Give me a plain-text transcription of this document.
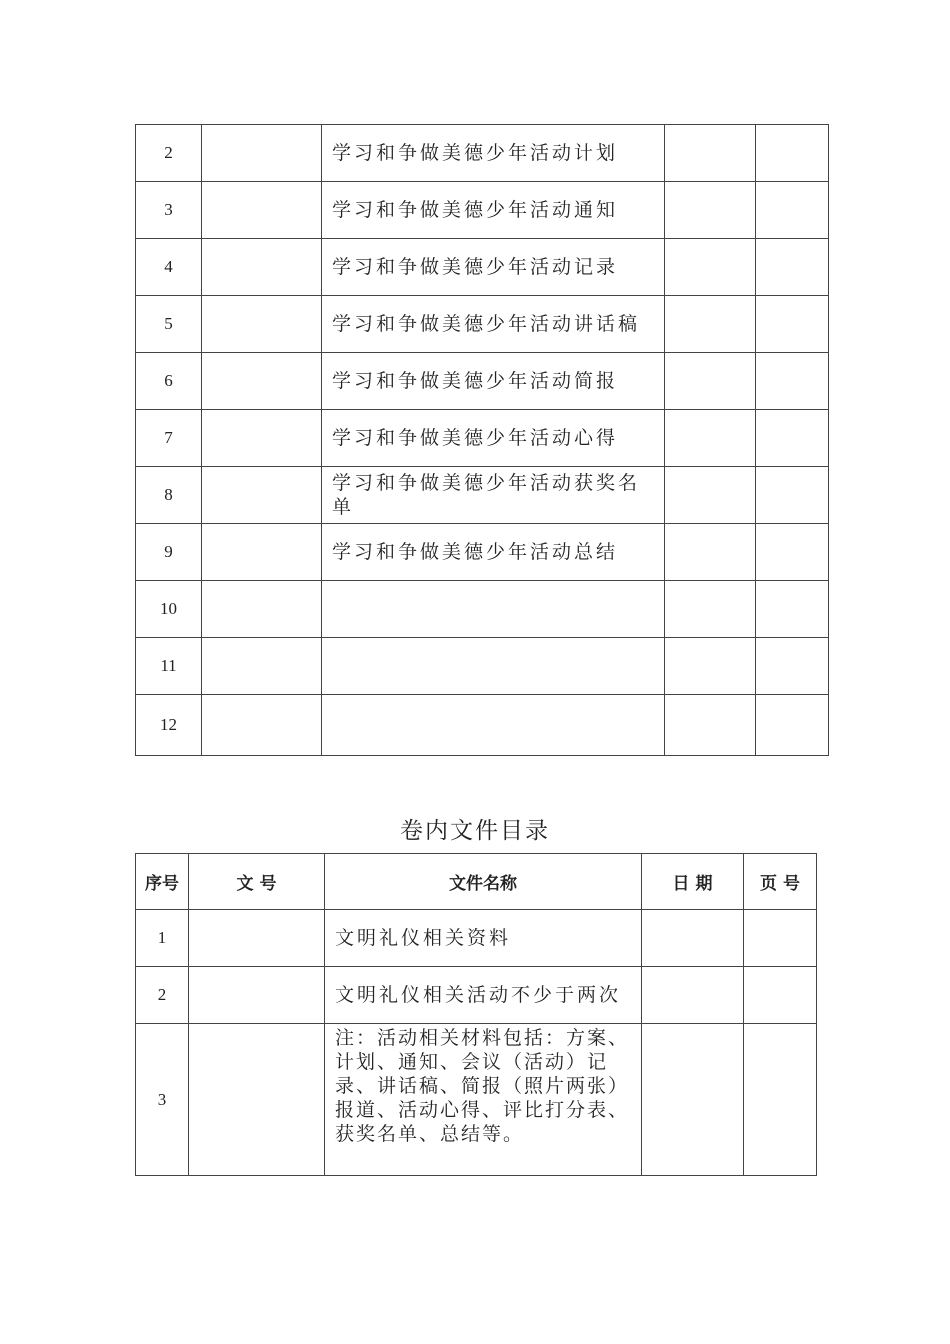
2		学习和争做美德少年活动计划		
3		学习和争做美德少年活动通知		
4		学习和争做美德少年活动记录		
5		学习和争做美德少年活动讲话稿		
6		学习和争做美德少年活动简报		
7		学习和争做美德少年活动心得		
8		学习和争做美德少年活动获奖名单		
9		学习和争做美德少年活动总结		
10				
11				
12				
卷内文件目录
序号	文 号	文件名称	日 期	页 号
1		文明礼仪相关资料		
2		文明礼仪相关活动不少于两次		
3		注：活动相关材料包括：方案、计划、通知、会议（活动）记录、讲话稿、简报（照片两张）报道、活动心得、评比打分表、获奖名单、总结等。		
